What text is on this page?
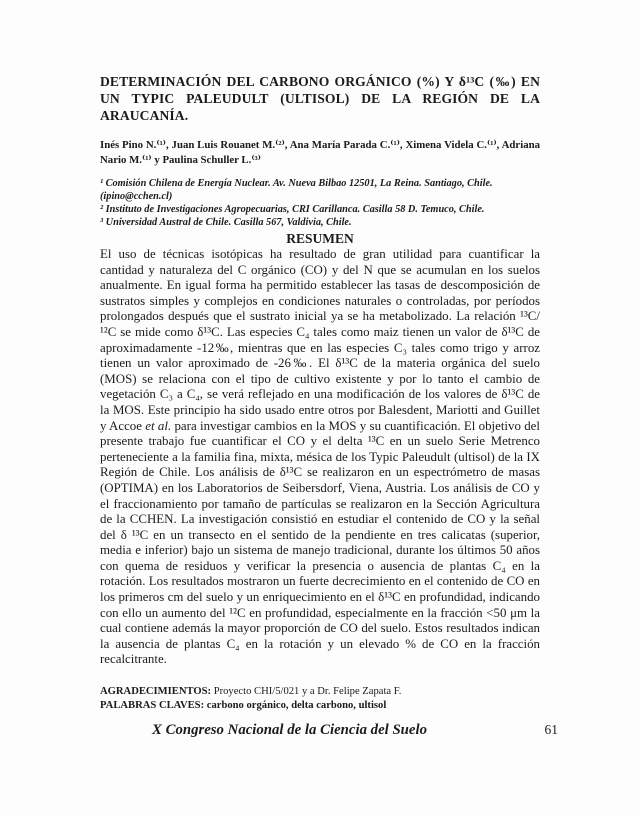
DETERMINACIÓN DEL CARBONO ORGÁNICO (%) Y δ¹³C (‰) EN UN TYPIC PALEUDULT (ULTISOL) DE LA REGIÓN DE LA ARAUCANÍA.

Inés Pino N.⁽¹⁾, Juan Luis Rouanet M.⁽²⁾, Ana María Parada C.⁽¹⁾, Ximena Videla C.⁽¹⁾, Adriana Nario M.⁽¹⁾ y Paulina Schuller L.⁽³⁾

¹ Comisión Chilena de Energía Nuclear. Av. Nueva Bilbao 12501, La Reina. Santiago, Chile.

(ipino@cchen.cl)

² Instituto de Investigaciones Agropecuarias, CRI Carillanca. Casilla 58 D. Temuco, Chile.

³ Universidad Austral de Chile. Casilla 567, Valdivia, Chile.

RESUMEN

El uso de técnicas isotópicas ha resultado de gran utilidad para cuantificar la cantidad y naturaleza del C orgánico (CO) y del N que se acumulan en los suelos anualmente. En igual forma ha permitido establecer las tasas de descomposición de sustratos simples y complejos en condiciones naturales o controladas, por períodos prolongados después que el sustrato inicial ya se ha metabolizado. La relación ¹³C/¹²C se mide como δ¹³C. Las especies C₄ tales como maiz tienen un valor de δ¹³C de aproximadamente -12‰, mientras que en las especies C₃ tales como trigo y arroz tienen un valor aproximado de -26‰. El δ¹³C de la materia orgánica del suelo (MOS) se relaciona con el tipo de cultivo existente y por lo tanto el cambio de vegetación C₃ a C₄, se verá reflejado en una modificación de los valores de δ¹³C de la MOS. Este principio ha sido usado entre otros por Balesdent, Mariotti and Guillet y Accoe et al. para investigar cambios en la MOS y su cuantificación. El objetivo del presente trabajo fue cuantificar el CO y el delta ¹³C en un suelo Serie Metrenco perteneciente a la familia fina, mixta, mésica de los Typic Paleudult (ultisol) de la IX Región de Chile. Los análisis de δ¹³C se realizaron en un espectrómetro de masas (OPTIMA) en los Laboratorios de Seibersdorf, Viena, Austria. Los análisis de CO y el fraccionamiento por tamaño de partículas se realizaron en la Sección Agricultura de la CCHEN. La investigación consistió en estudiar el contenido de CO y la señal del δ ¹³C en un transecto en el sentido de la pendiente en tres calicatas (superior, media e inferior) bajo un sistema de manejo tradicional, durante los últimos 50 años con quema de residuos y verificar la presencia o ausencia de plantas C₄ en la rotación. Los resultados mostraron un fuerte decrecimiento en el contenido de CO en los primeros cm del suelo y un enriquecimiento en el δ¹³C en profundidad, indicando con ello un aumento del ¹²C en profundidad, especialmente en la fracción <50 μm la cual contiene además la mayor proporción de CO del suelo. Estos resultados indican la ausencia de plantas C₄ en la rotación y un elevado % de CO en la fracción recalcitrante.

AGRADECIMIENTOS: Proyecto CHI/5/021 y a Dr. Felipe Zapata F.

PALABRAS CLAVES: carbono orgánico, delta carbono, ultisol

X Congreso Nacional de la Ciencia del Suelo	61
